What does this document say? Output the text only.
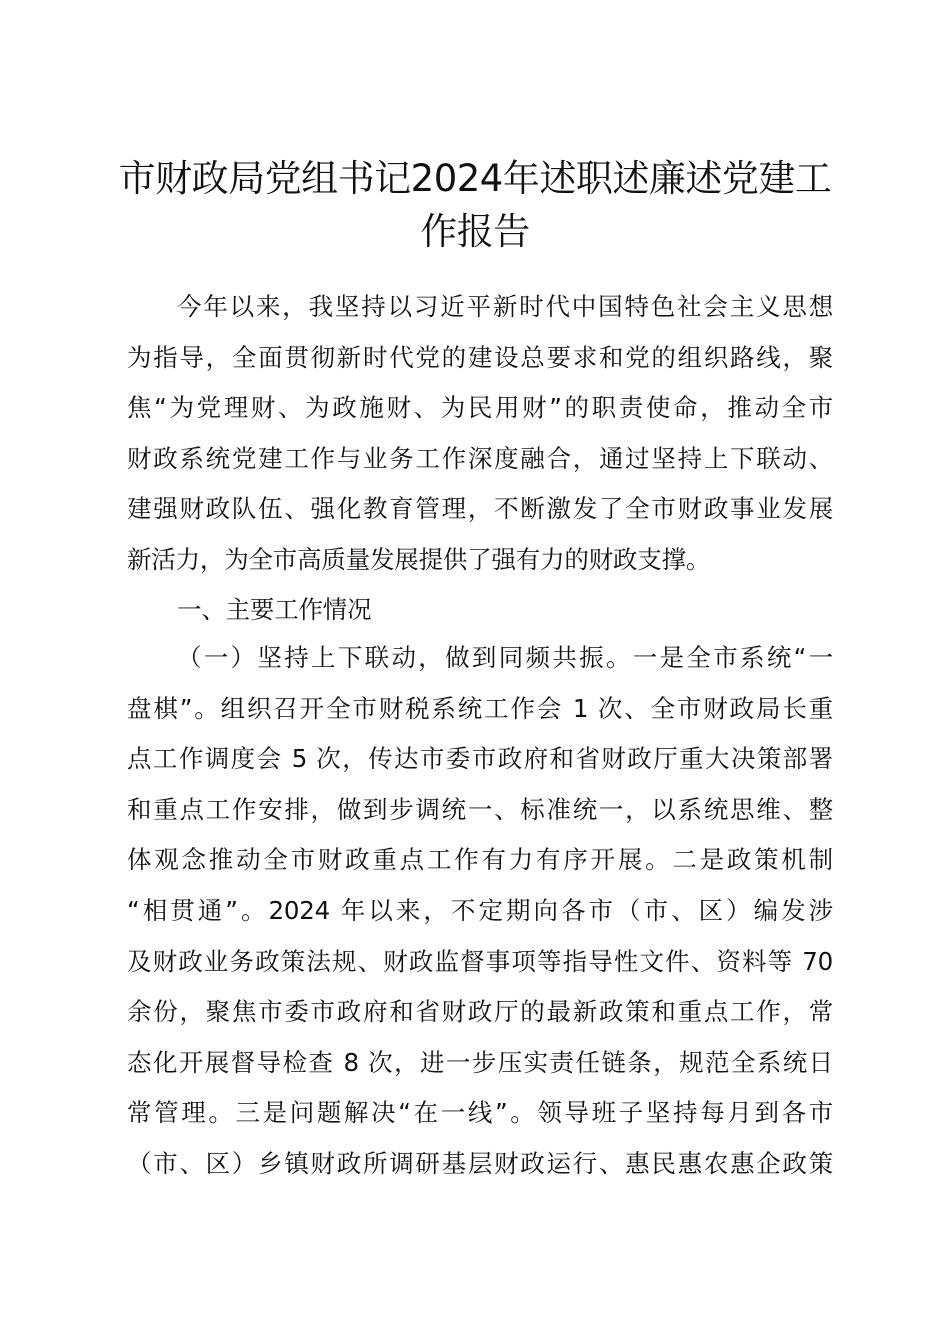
市财政局党组书记2024年述职述廉述党建工作报告
今年以来，我坚持以习近平新时代中国特色社会主义思想
为指导，全面贯彻新时代党的建设总要求和党的组织路线，聚
焦“为党理财、为政施财、为民用财”的职责使命，推动全市
财政系统党建工作与业务工作深度融合，通过坚持上下联动、
建强财政队伍、强化教育管理，不断激发了全市财政事业发展
新活力，为全市高质量发展提供了强有力的财政支撑。
一、主要工作情况
（一）坚持上下联动，做到同频共振。一是全市系统“一
盘棋”。组织召开全市财税系统工作会 1 次、全市财政局长重
点工作调度会 5 次，传达市委市政府和省财政厅重大决策部署
和重点工作安排，做到步调统一、标准统一，以系统思维、整
体观念推动全市财政重点工作有力有序开展。二是政策机制
“相贯通”。2024 年以来，不定期向各市（市、区）编发涉
及财政业务政策法规、财政监督事项等指导性文件、资料等 70
余份，聚焦市委市政府和省财政厅的最新政策和重点工作，常
态化开展督导检查 8 次，进一步压实责任链条，规范全系统日
常管理。三是问题解决“在一线”。领导班子坚持每月到各市
（市、区）乡镇财政所调研基层财政运行、惠民惠农惠企政策
